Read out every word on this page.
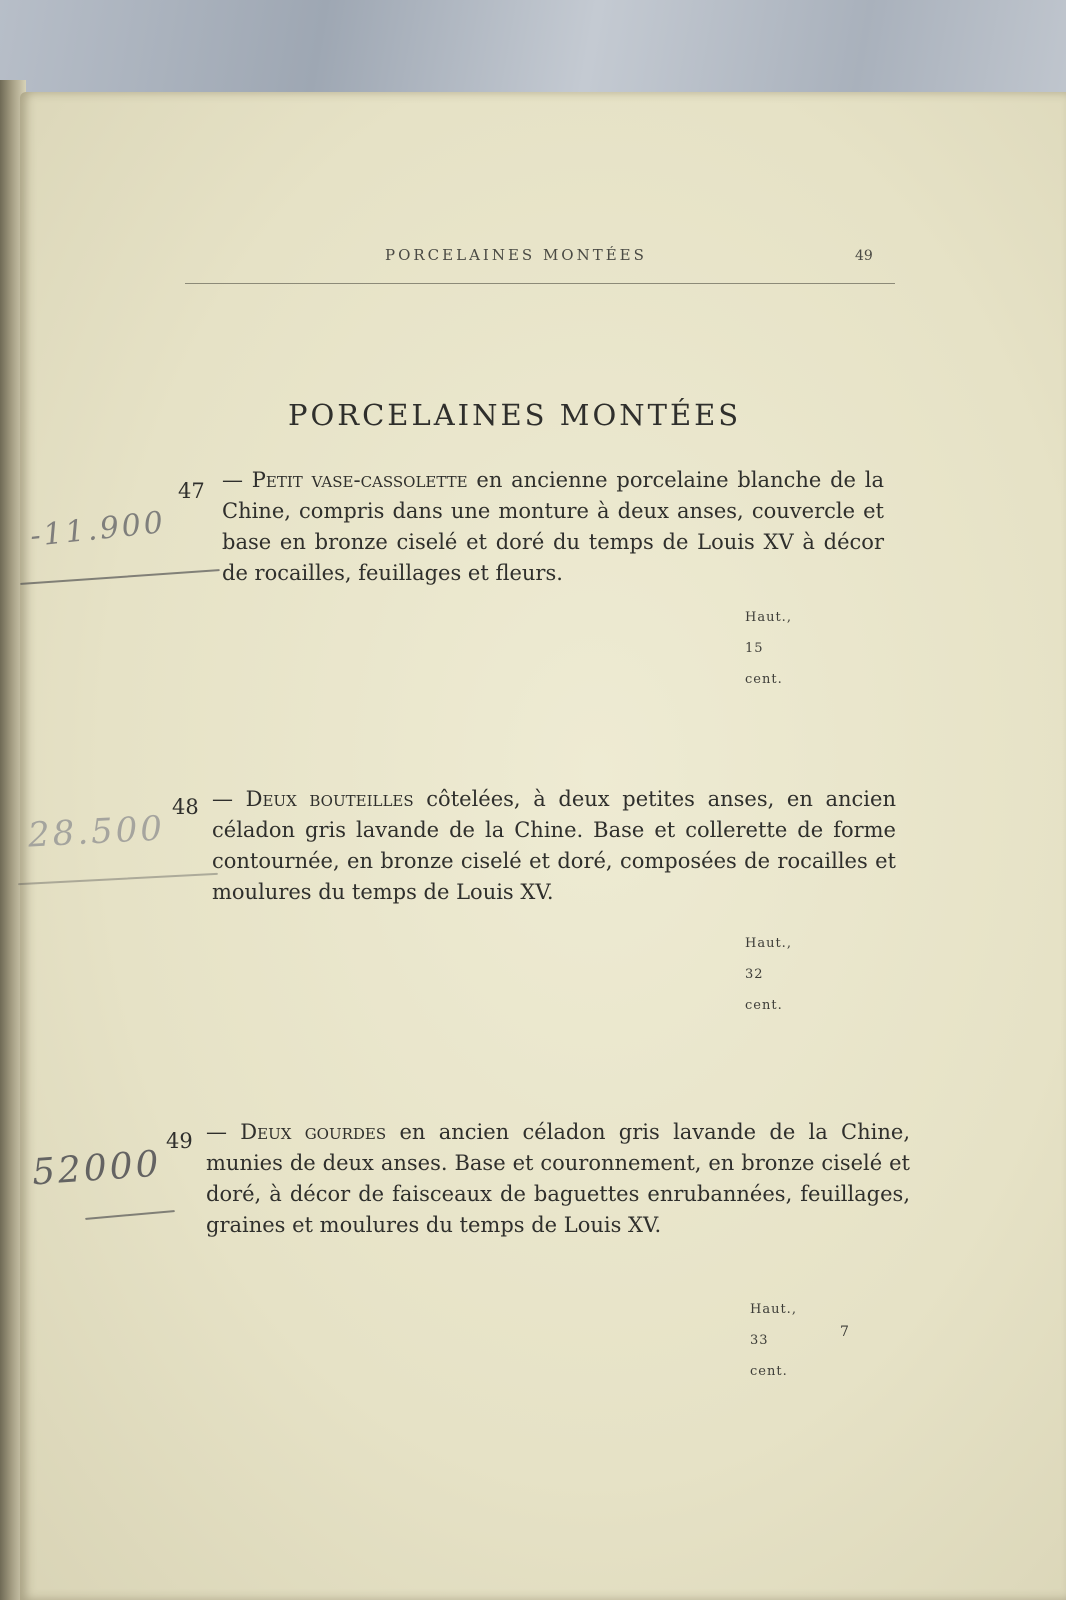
PORCELAINES MONTÉES	49
PORCELAINES MONTÉES
47 — Petit vase-cassolette en ancienne porcelaine blanche de la Chine, compris dans une monture à deux anses, couvercle et base en bronze ciselé et doré du temps de Louis XV à décor de rocailles, feuillages et fleurs.
Haut., 15 cent.
-11.900
48 — Deux bouteilles côtelées, à deux petites anses, en ancien céladon gris lavande de la Chine. Base et collerette de forme contournée, en bronze ciselé et doré, composées de rocailles et moulures du temps de Louis XV.
Haut., 32 cent.
28.500
49 — Deux gourdes en ancien céladon gris lavande de la Chine, munies de deux anses. Base et couronnement, en bronze ciselé et doré, à décor de faisceaux de baguettes enrubannées, feuillages, graines et moulures du temps de Louis XV.
Haut., 33 cent.
52000
7
